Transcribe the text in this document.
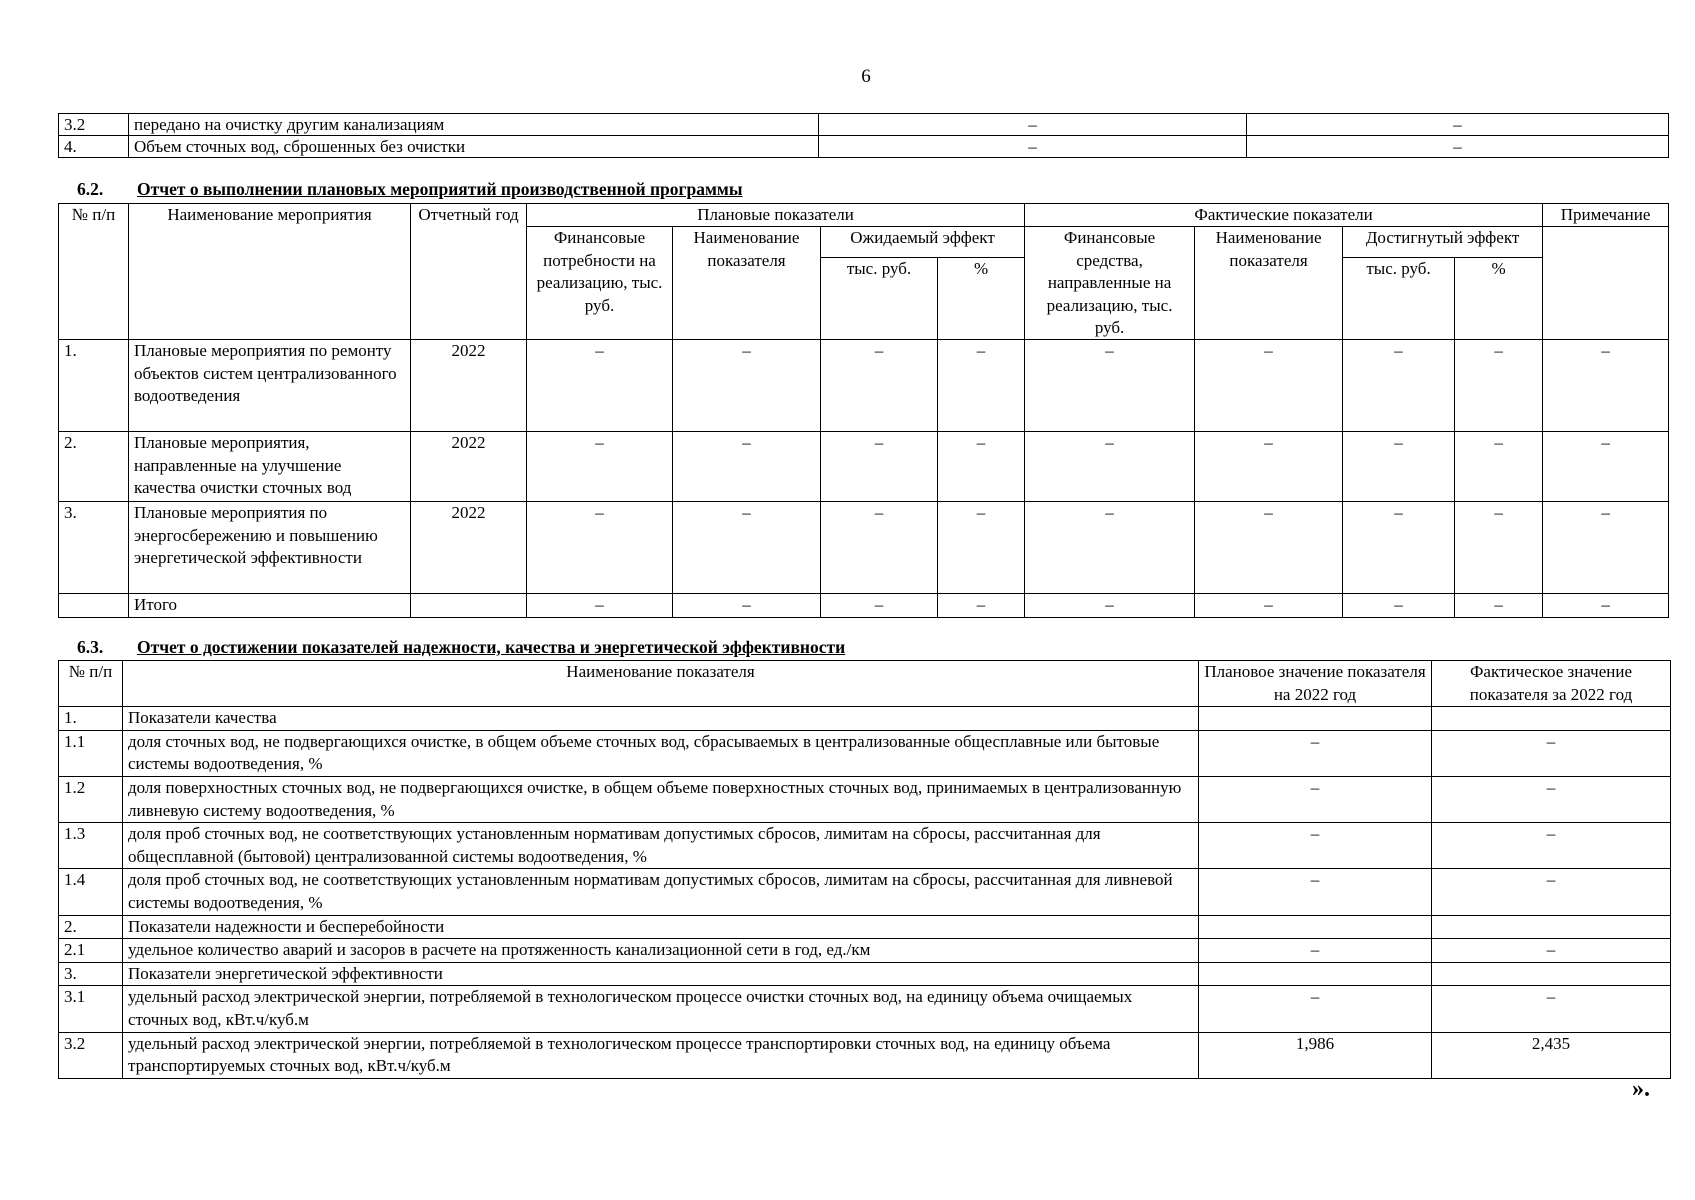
6
3.2	передано на очистку другим канализациям	–	–
4.	Объем сточных вод, сброшенных без очистки	–	–
6.2. Отчет о выполнении плановых мероприятий производственной программы
№ п/п	Наименование мероприятия	Отчетный год	Плановые показатели				Фактические показатели				Примечание
			Финансовые потребности на реализацию, тыс. руб.	Наименование показателя	Ожидаемый эффект		Финансовые средства, направленные на реализацию, тыс. руб.	Наименование показателя	Достигнутый эффект		
					тыс. руб.	%			тыс. руб.	%	
1.	Плановые мероприятия по ремонту объектов систем централизованного водоотведения	2022	–	–	–	–	–	–	–	–	–
2.	Плановые мероприятия, направленные на улучшение качества очистки сточных вод	2022	–	–	–	–	–	–	–	–	–
3.	Плановые мероприятия по энергосбережению и повышению энергетической эффективности	2022	–	–	–	–	–	–	–	–	–
	Итого		–	–	–	–	–	–	–	–	–
6.3. Отчет о достижении показателей надежности, качества и энергетической эффективности
№ п/п	Наименование показателя	Плановое значение показателя на 2022 год	Фактическое значение показателя за 2022 год
1.	Показатели качества		
1.1	доля сточных вод, не подвергающихся очистке, в общем объеме сточных вод, сбрасываемых в централизованные общесплавные или бытовые системы водоотведения, %	–	–
1.2	доля поверхностных сточных вод, не подвергающихся очистке, в общем объеме поверхностных сточных вод, принимаемых в централизованную ливневую систему водоотведения, %	–	–
1.3	доля проб сточных вод, не соответствующих установленным нормативам допустимых сбросов, лимитам на сбросы, рассчитанная для общесплавной (бытовой) централизованной системы водоотведения, %	–	–
1.4	доля проб сточных вод, не соответствующих установленным нормативам допустимых сбросов, лимитам на сбросы, рассчитанная для ливневой системы водоотведения, %	–	–
2.	Показатели надежности и бесперебойности		
2.1	удельное количество аварий и засоров в расчете на протяженность канализационной сети в год, ед./км	–	–
3.	Показатели энергетической эффективности		
3.1	удельный расход электрической энергии, потребляемой в технологическом процессе очистки сточных вод, на единицу объема очищаемых сточных вод, кВт.ч/куб.м	–	–
3.2	удельный расход электрической энергии, потребляемой в технологическом процессе транспортировки сточных вод, на единицу объема транспортируемых сточных вод, кВт.ч/куб.м	1,986	2,435
».
